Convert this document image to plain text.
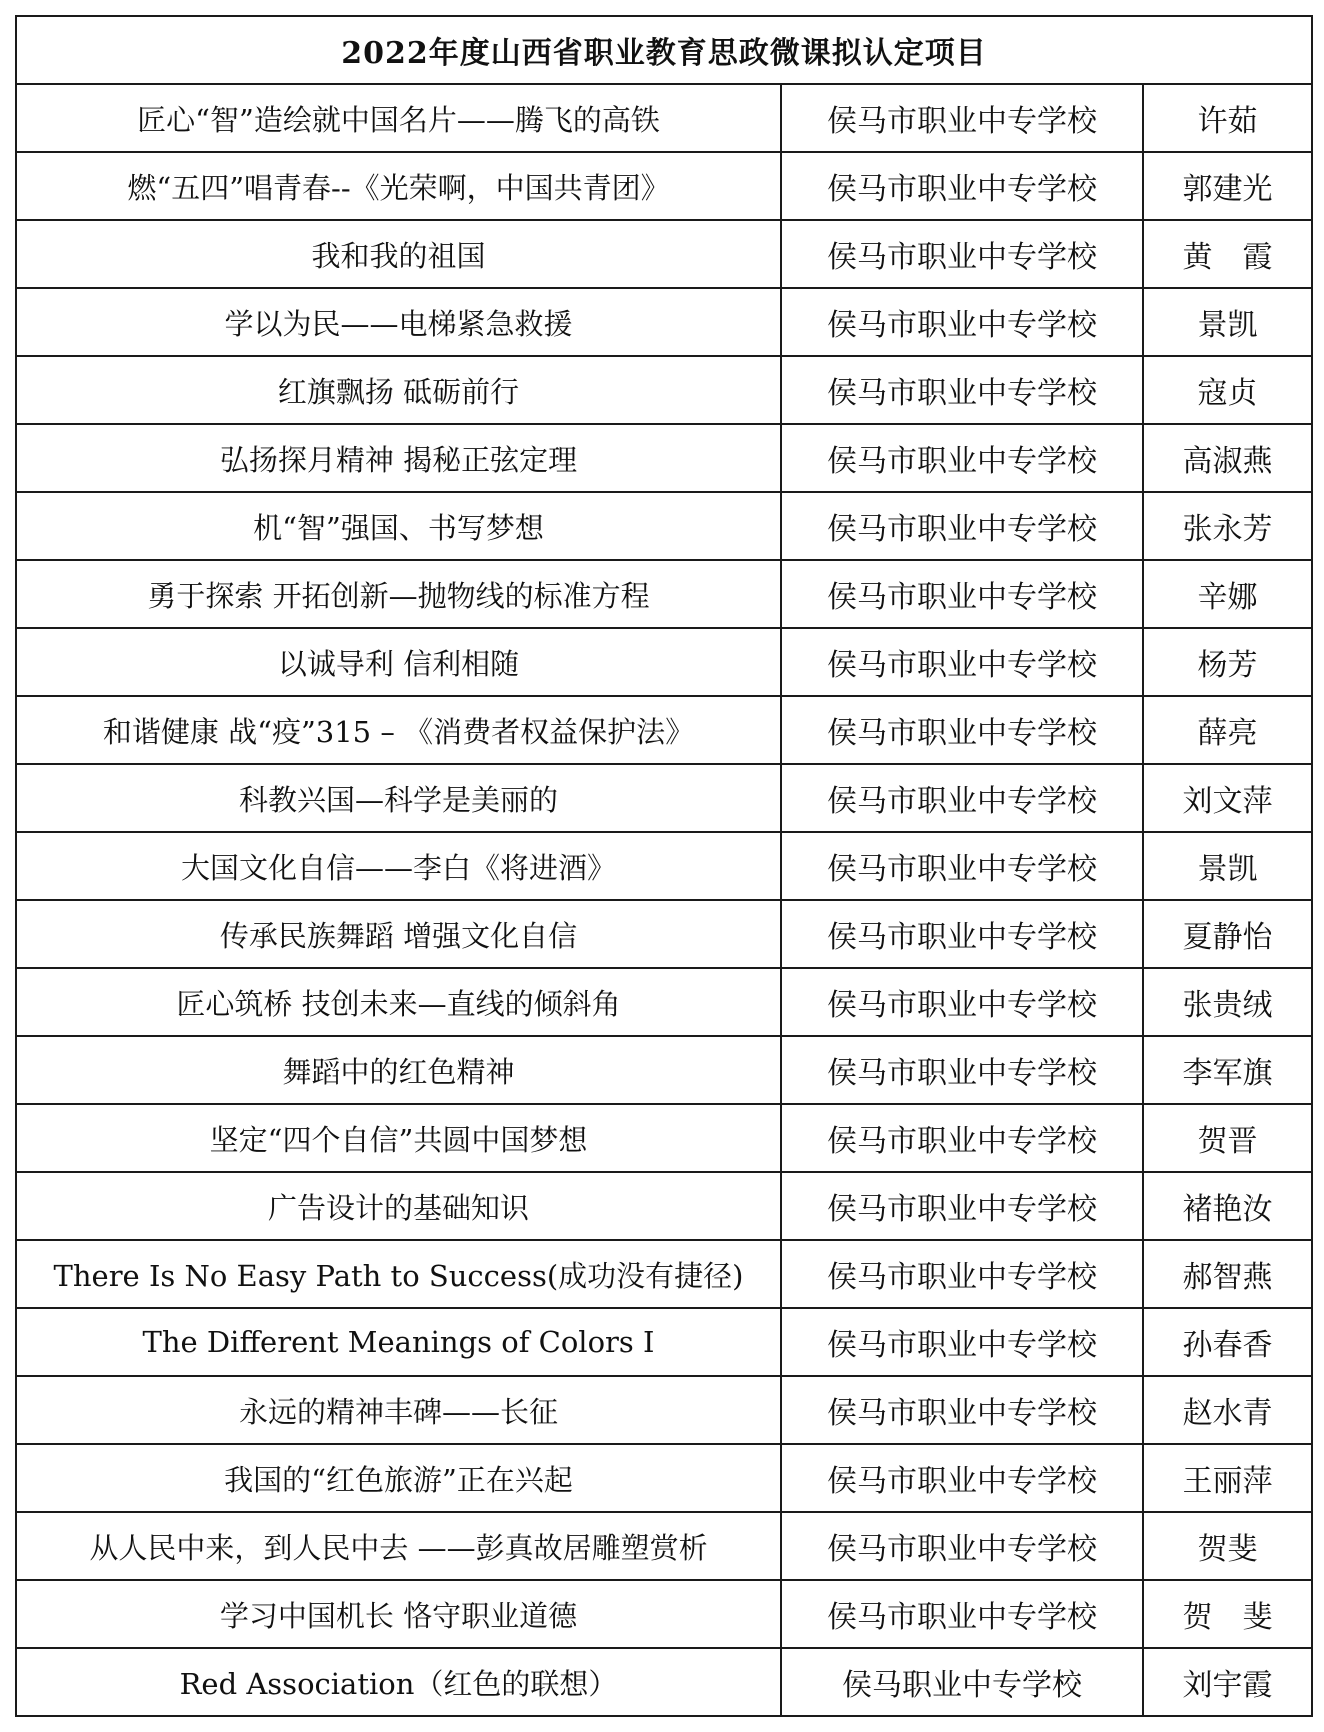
2022年度山西省职业教育思政微课拟认定项目		
匠心“智”造绘就中国名片——腾飞的高铁	侯马市职业中专学校	许茹
燃“五四”唱青春--《光荣啊，中国共青团》	侯马市职业中专学校	郭建光
我和我的祖国	侯马市职业中专学校	黄　霞
学以为民——电梯紧急救援	侯马市职业中专学校	景凯
红旗飘扬 砥砺前行	侯马市职业中专学校	寇贞
弘扬探月精神 揭秘正弦定理	侯马市职业中专学校	高淑燕
机“智”强国、书写梦想	侯马市职业中专学校	张永芳
勇于探索 开拓创新—抛物线的标准方程	侯马市职业中专学校	辛娜
以诚导利 信利相随	侯马市职业中专学校	杨芳
和谐健康 战“疫”315 – 《消费者权益保护法》	侯马市职业中专学校	薛亮
科教兴国—科学是美丽的	侯马市职业中专学校	刘文萍
大国文化自信——李白《将进酒》	侯马市职业中专学校	景凯
传承民族舞蹈 增强文化自信	侯马市职业中专学校	夏静怡
匠心筑桥 技创未来—直线的倾斜角	侯马市职业中专学校	张贵绒
舞蹈中的红色精神	侯马市职业中专学校	李军旗
坚定“四个自信”共圆中国梦想	侯马市职业中专学校	贺晋
广告设计的基础知识	侯马市职业中专学校	褚艳汝
There Is No Easy Path to Success(成功没有捷径)	侯马市职业中专学校	郝智燕
The Different Meanings of Colors Ⅰ	侯马市职业中专学校	孙春香
永远的精神丰碑——长征	侯马市职业中专学校	赵水青
我国的“红色旅游”正在兴起	侯马市职业中专学校	王丽萍
从人民中来，到人民中去 ——彭真故居雕塑赏析	侯马市职业中专学校	贺斐
学习中国机长 恪守职业道德	侯马市职业中专学校	贺　斐
Red Association（红色的联想）	侯马职业中专学校	刘宇霞
